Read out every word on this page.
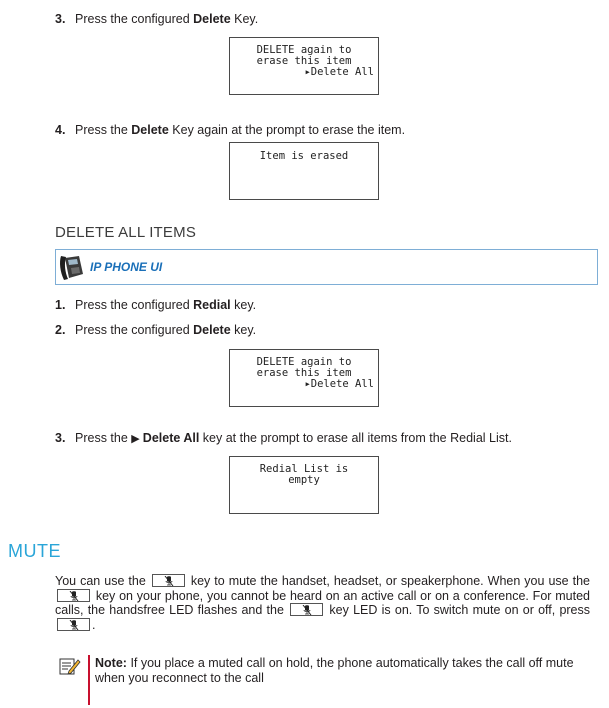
3. Press the configured Delete Key.
DELETE again to
erase this item
▸Delete All
4. Press the Delete Key again at the prompt to erase the item.
Item is erased
DELETE ALL ITEMS
IP PHONE UI
1. Press the configured Redial key.
2. Press the configured Delete key.
DELETE again to
erase this item
▸Delete All
3. Press the ▶ Delete All key at the prompt to erase all items from the Redial List.
Redial List is
empty
MUTE
You can use the	key to mute the handset, headset, or speakerphone. When you use the
key on your phone, you cannot be heard on an active call or on a conference. For muted calls, the handsfree LED flashes and the	key LED is on. To switch mute on or off, press
.
Note: If you place a muted call on hold, the phone automatically takes the call off mute when you reconnect to the call
